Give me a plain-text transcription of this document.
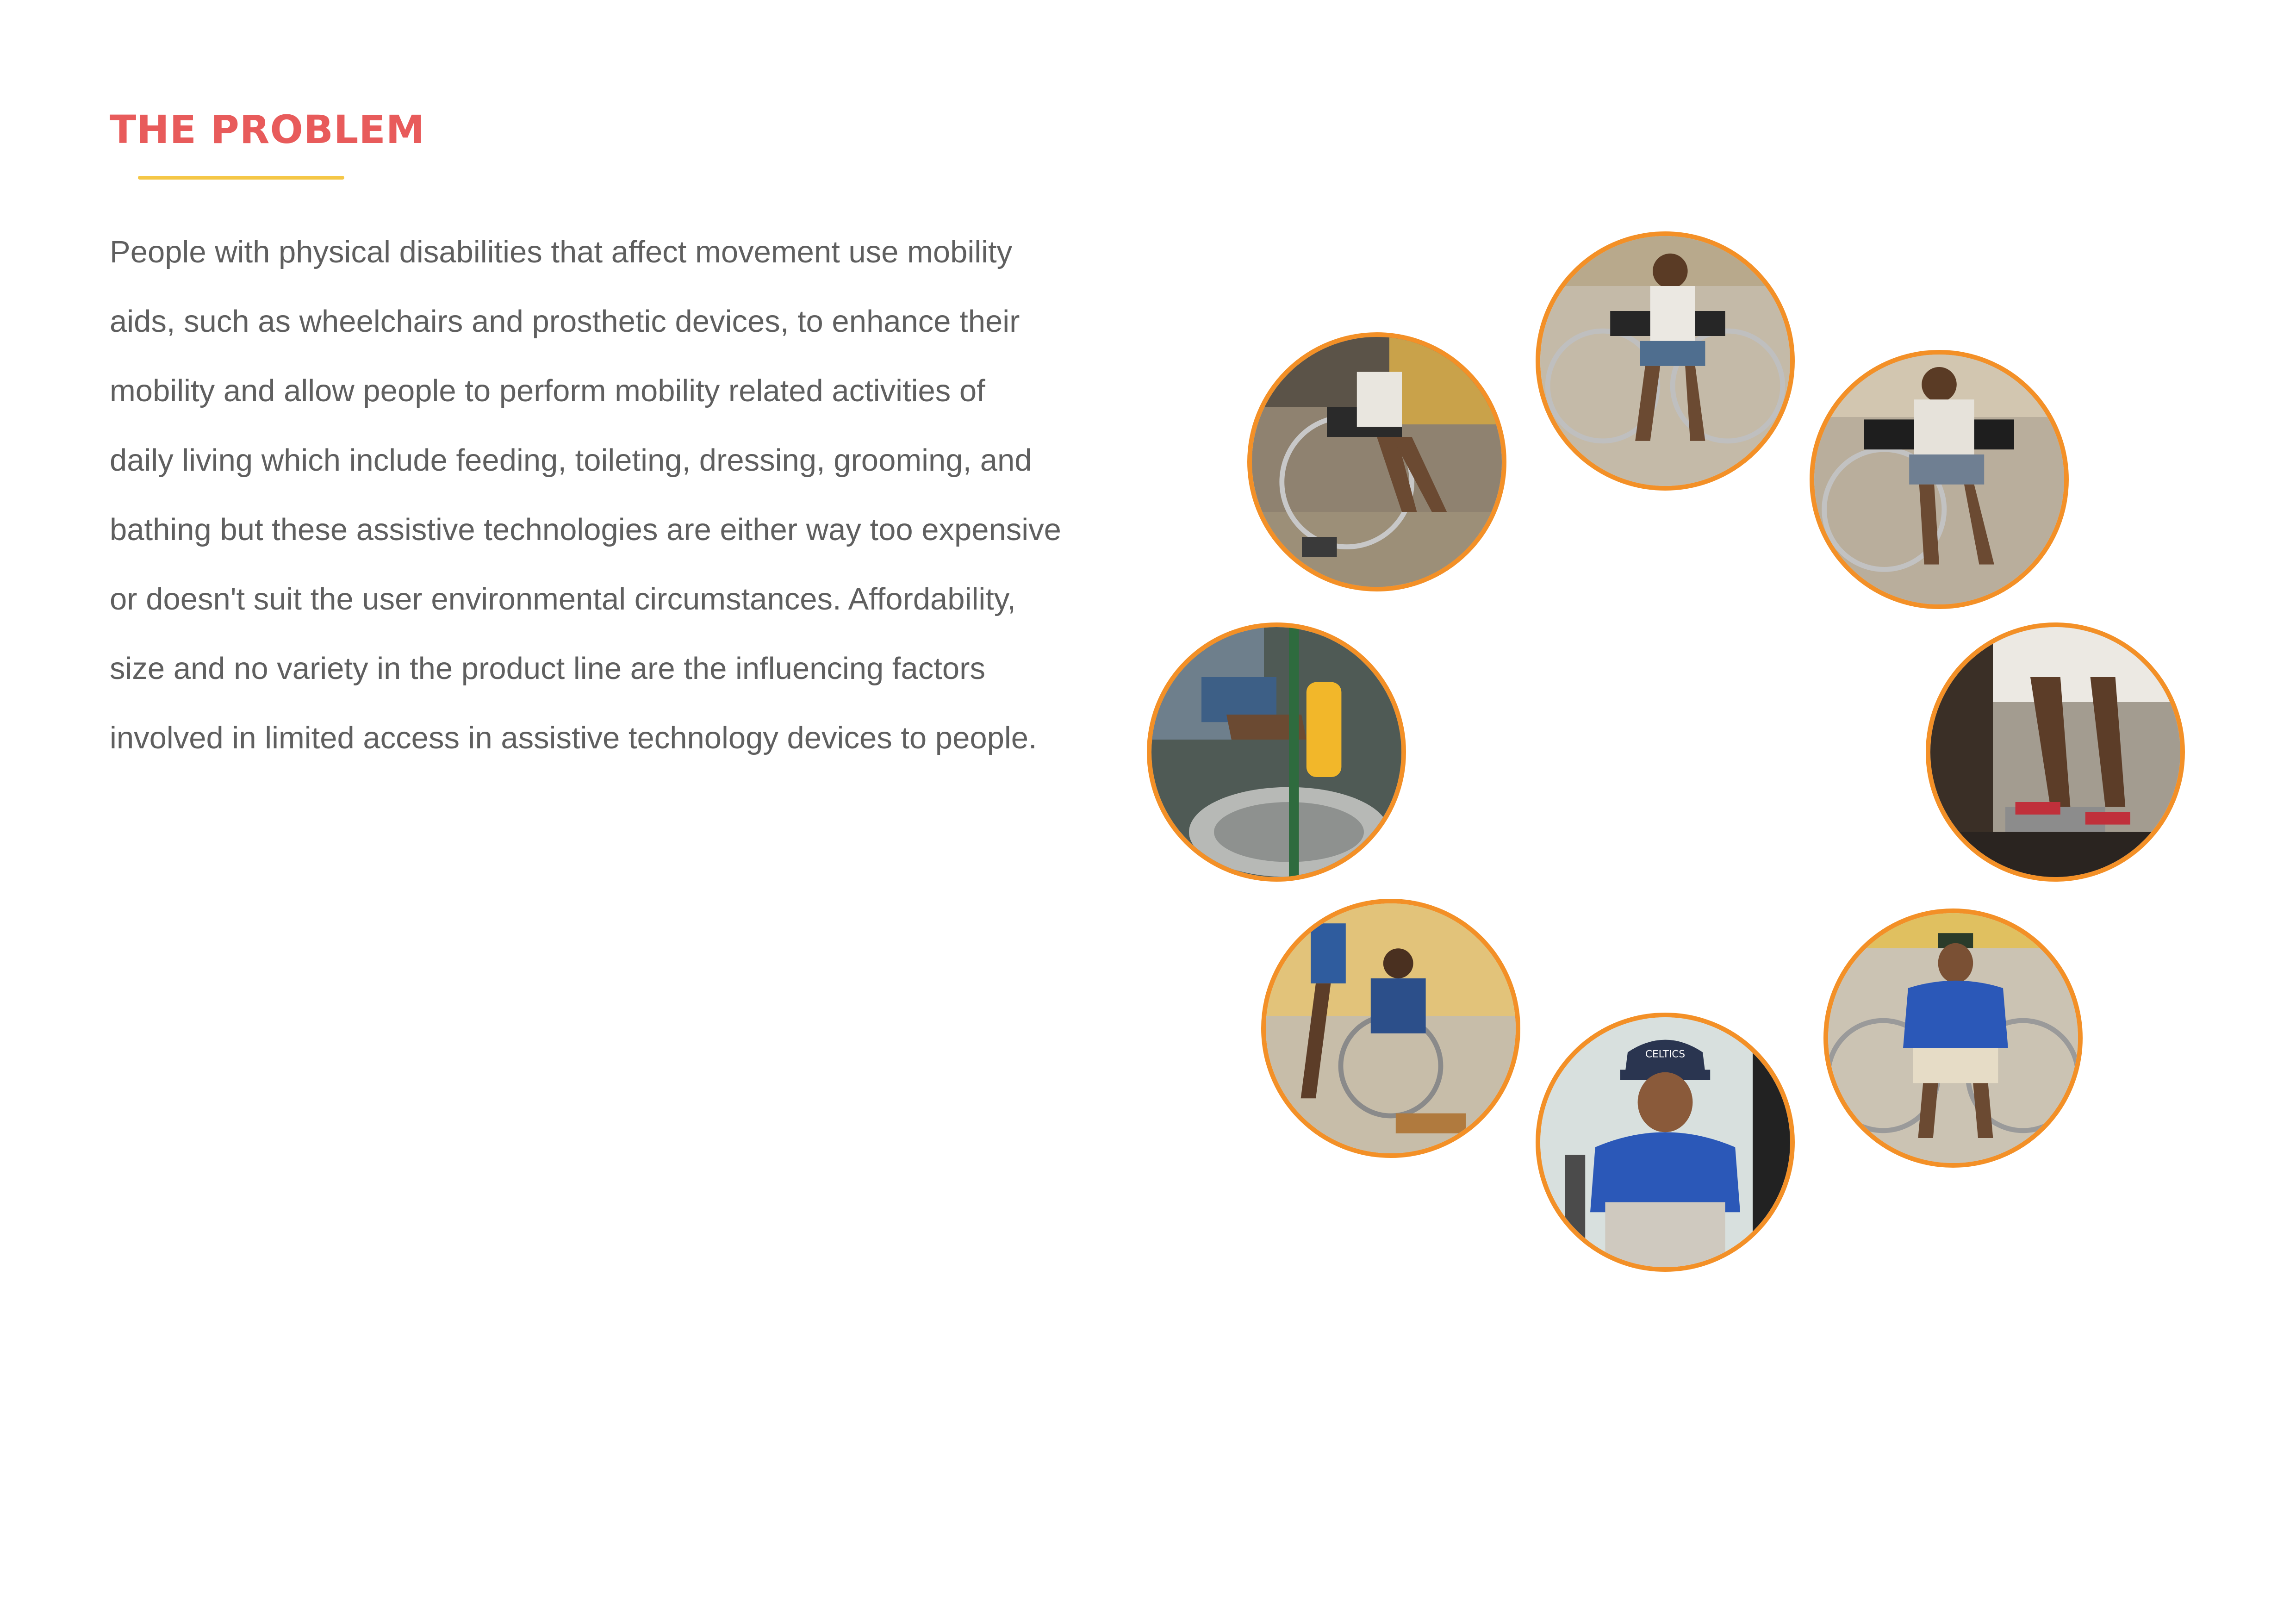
THE PROBLEM

People with physical disabilities that affect movement use mobility
aids, such as wheelchairs and prosthetic devices, to enhance their
mobility and allow people to perform mobility related activities of
daily living which include feeding, toileting, dressing, grooming, and
bathing but these assistive technologies are either way too expensive
or doesn't suit the user environmental circumstances. Affordability,
size and no variety in the product line are the influencing factors
involved in limited access in assistive technology devices to people.

CELTICS
